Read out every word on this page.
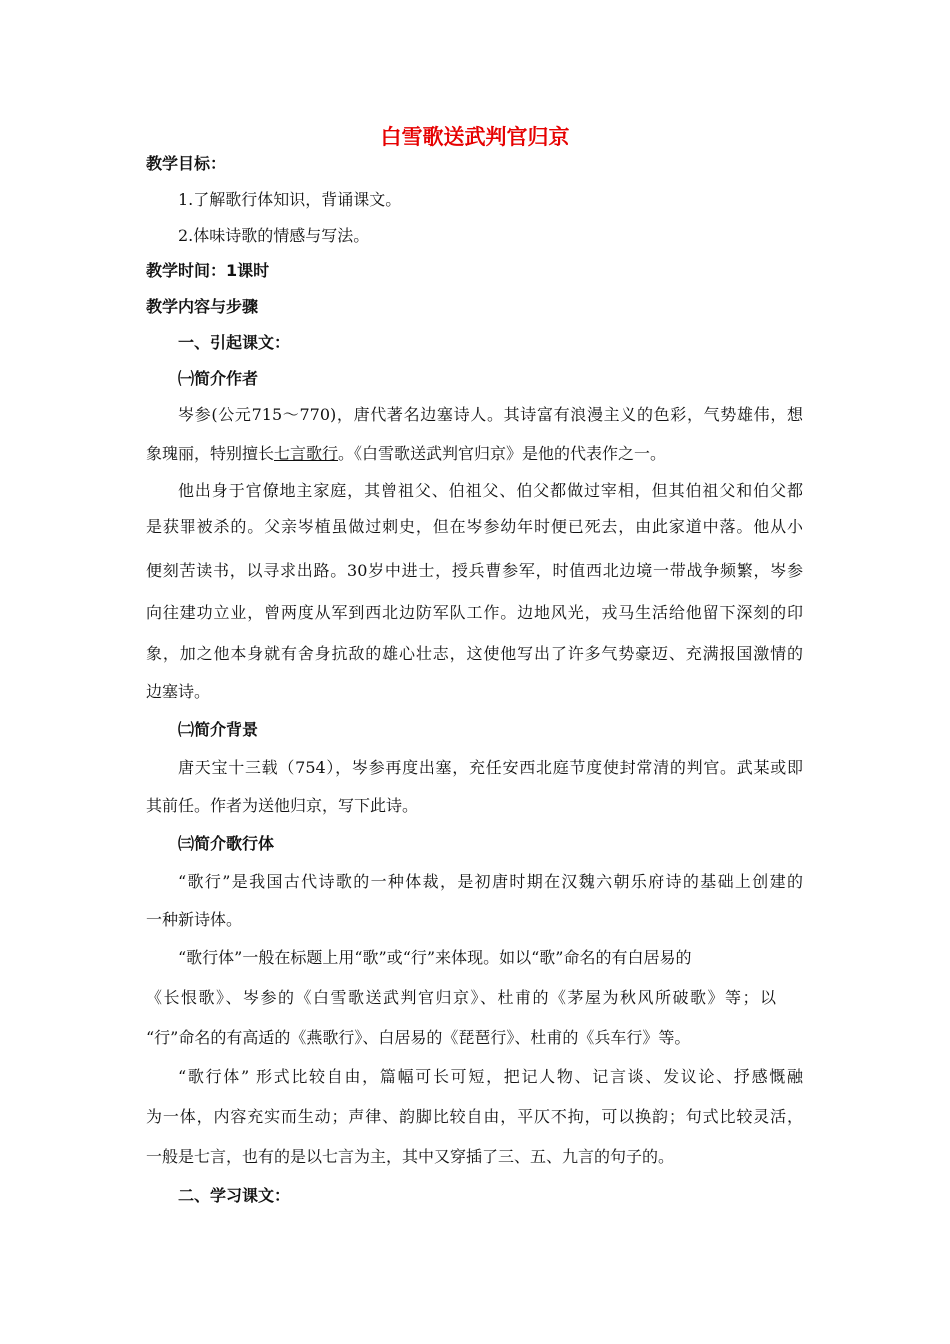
白雪歌送武判官归京
教学目标：
1.了解歌行体知识，背诵课文。
2.体味诗歌的情感与写法。
教学时间：1课时
教学内容与步骤
一、引起课文：
㈠简介作者
岑参(公元715～770)，唐代著名边塞诗人。其诗富有浪漫主义的色彩，气势雄伟，想
象瑰丽，特别擅长七言歌行。《白雪歌送武判官归京》是他的代表作之一。
他出身于官僚地主家庭，其曾祖父、伯祖父、伯父都做过宰相，但其伯祖父和伯父都
是获罪被杀的。父亲岑植虽做过刺史，但在岑参幼年时便已死去，由此家道中落。他从小
便刻苦读书，以寻求出路。30岁中进士，授兵曹参军，时值西北边境一带战争频繁，岑参
向往建功立业，曾两度从军到西北边防军队工作。边地风光，戎马生活给他留下深刻的印
象，加之他本身就有舍身抗敌的雄心壮志，这使他写出了许多气势豪迈、充满报国激情的
边塞诗。
㈡简介背景
唐天宝十三载（754），岑参再度出塞，充任安西北庭节度使封常清的判官。武某或即
其前任。作者为送他归京，写下此诗。
㈢简介歌行体
“歌行”是我国古代诗歌的一种体裁，是初唐时期在汉魏六朝乐府诗的基础上创建的
一种新诗体。
“歌行体”一般在标题上用“歌”或“行”来体现。如以“歌”命名的有白居易的
《长恨歌》、岑参的《白雪歌送武判官归京》、杜甫的《茅屋为秋风所破歌》等；以
“行”命名的有高适的《燕歌行》、白居易的《琵琶行》、杜甫的《兵车行》等。
“歌行体” 形式比较自由，篇幅可长可短，把记人物、记言谈、发议论、抒感慨融
为一体，内容充实而生动；声律、韵脚比较自由，平仄不拘，可以换韵；句式比较灵活，
一般是七言，也有的是以七言为主，其中又穿插了三、五、九言的句子的。
二、学习课文：
